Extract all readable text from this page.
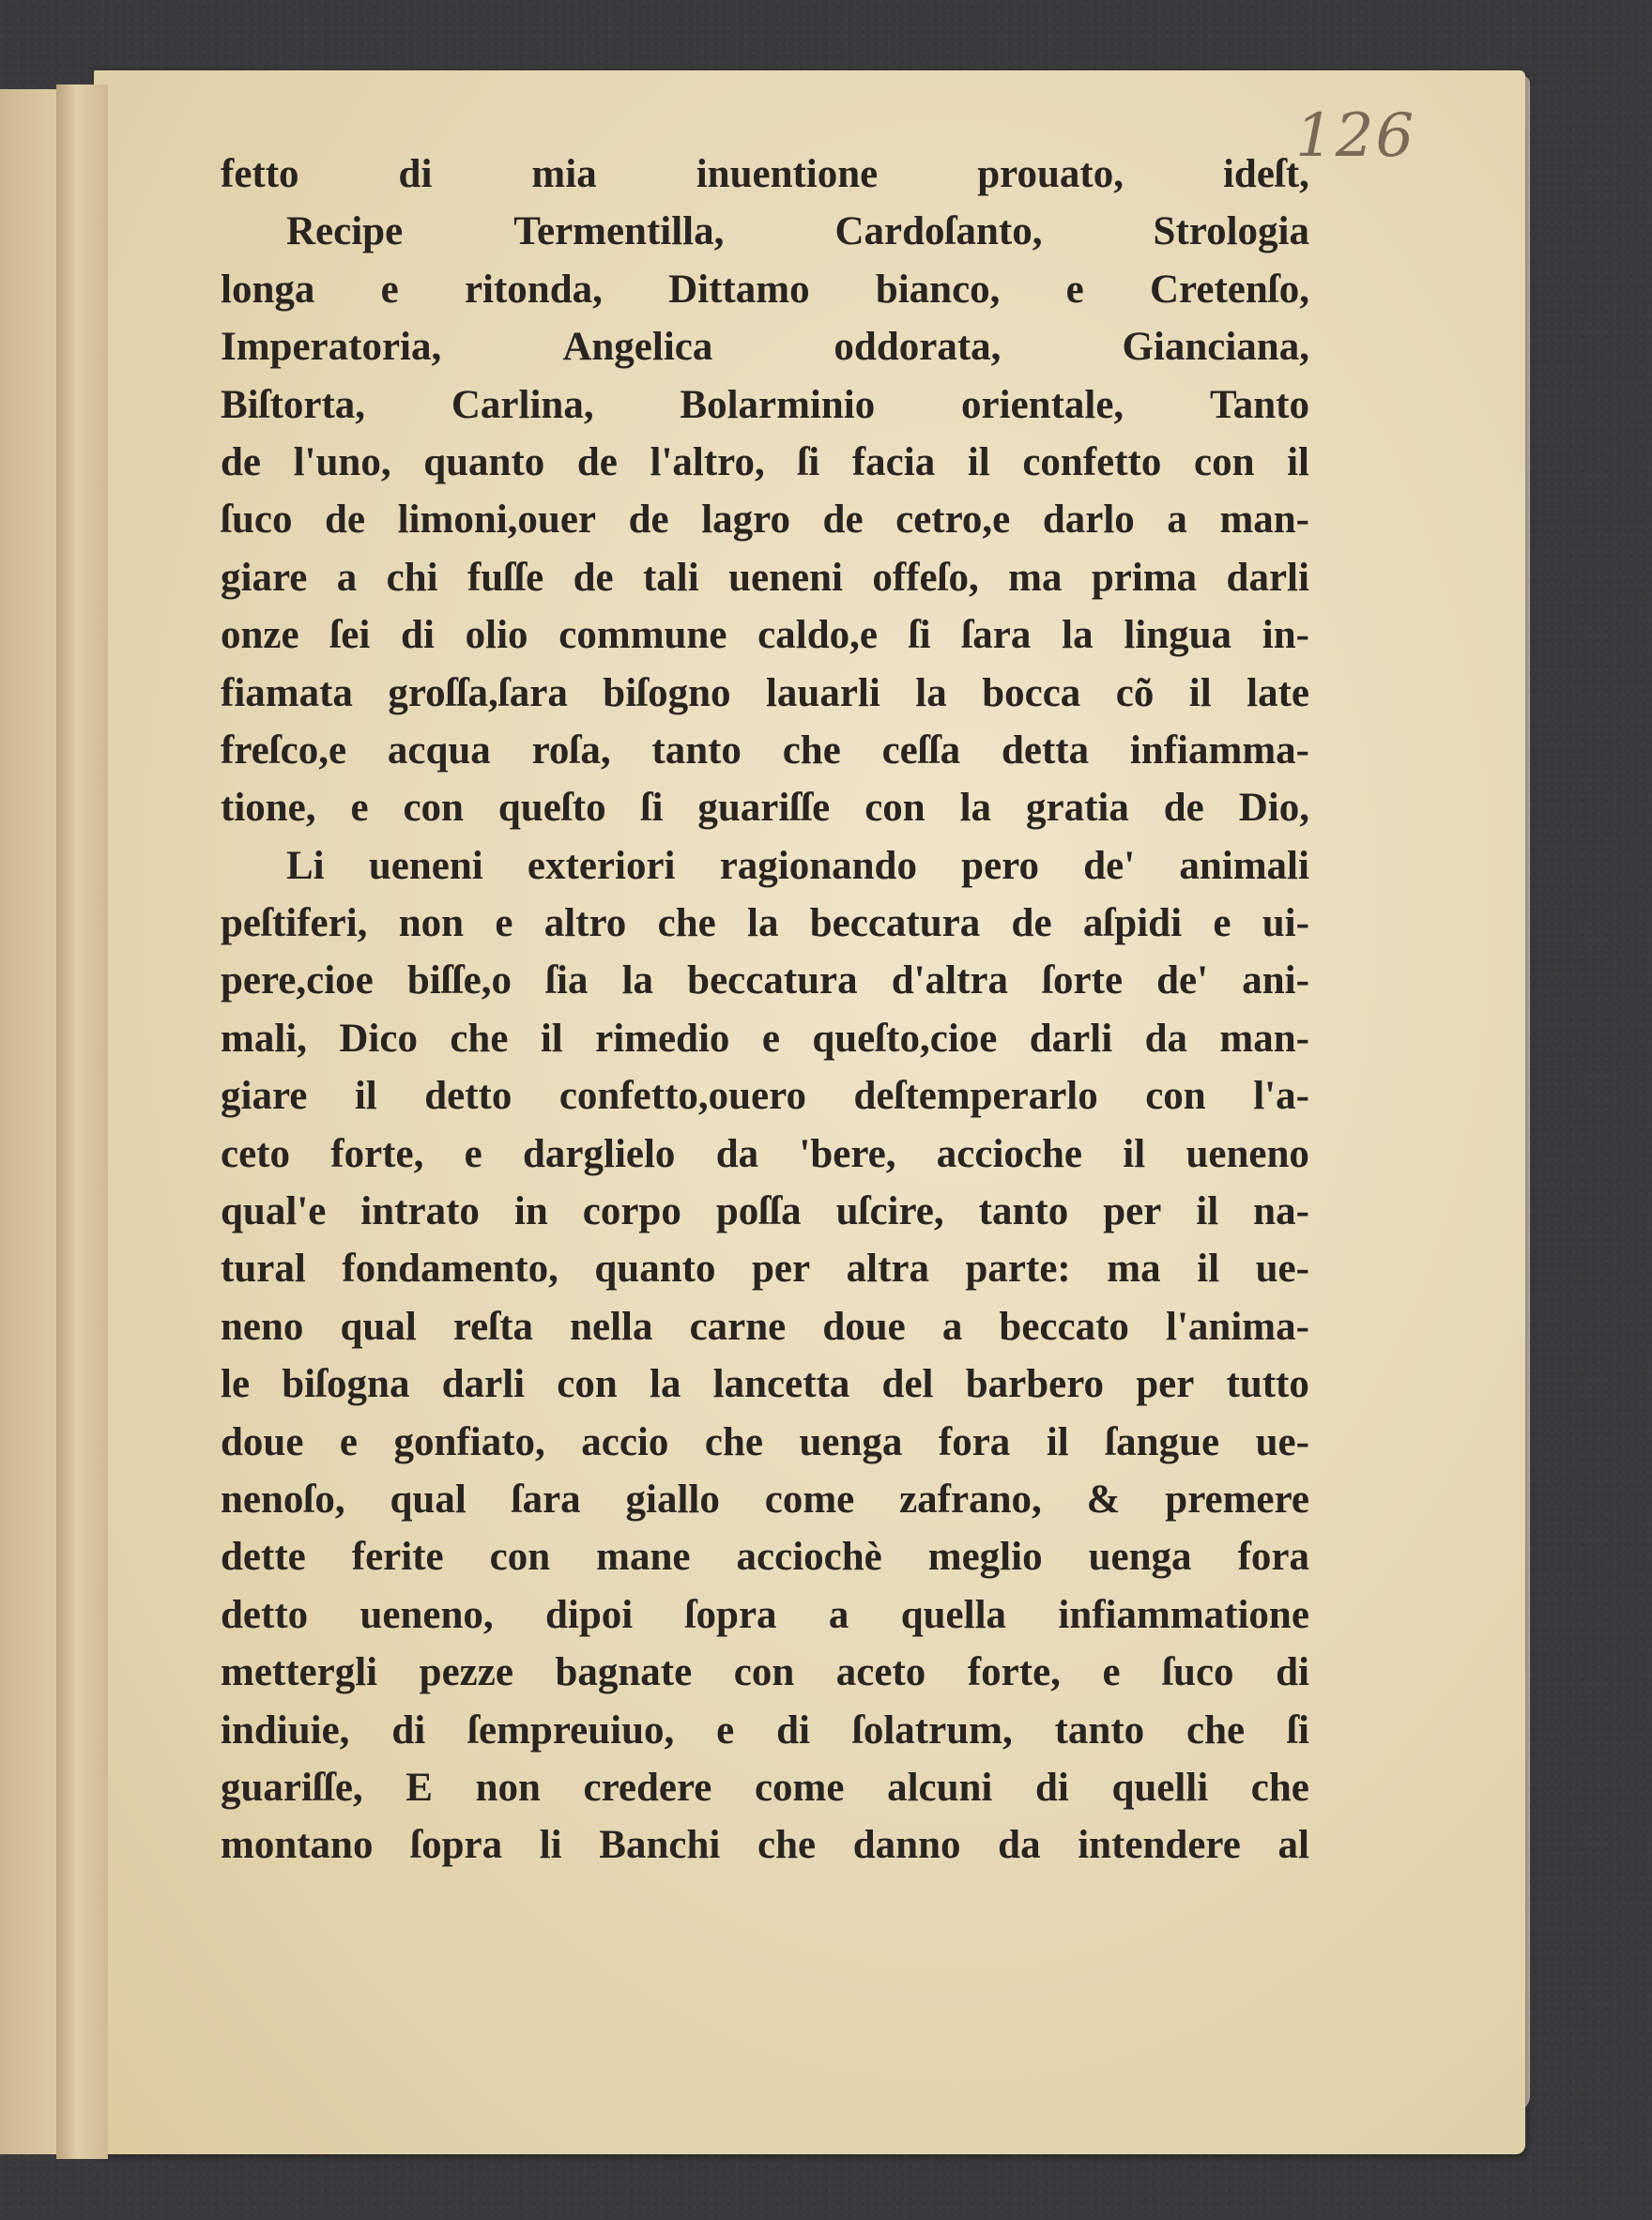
126

fetto di mia inuentione prouato, ideſt,

Recipe	Termentilla,	Cardoſanto,	Strologia

longa e ritonda, Dittamo bianco, e Cretenſo,

Imperatoria,	Angelica	oddorata,	Gianciana,

Biſtorta, Carlina, Bolarminio orientale, Tanto

de l'uno, quanto de l'altro, ſi facia il confetto con il

ſuco de limoni,ouer de lagro de cetro,e darlo a man-

giare a chi fuſſe de tali ueneni offeſo, ma prima darli

onze ſei di olio commune caldo,e ſi ſara la lingua in-

fiamata groſſa,ſara biſogno lauarli la bocca cõ il late

freſco,e acqua roſa, tanto che ceſſa detta infiamma-

tione, e con queſto ſi guariſſe con la gratia de Dio,

Li ueneni exteriori ragionando pero de' animali

peſtiferi, non e altro che la beccatura de aſpidi e ui-

pere,cioe biſſe,o ſia la beccatura d'altra ſorte de' ani-

mali, Dico che il rimedio e queſto,cioe darli da man-

giare il detto confetto,ouero deſtemperarlo con l'a-

ceto forte, e darglielo da 'bere, accioche il ueneno

qual'e intrato in corpo poſſa uſcire, tanto per il na-

tural fondamento, quanto per altra parte: ma il ue-

neno qual reſta nella carne doue a beccato l'anima-

le biſogna darli con la lancetta del barbero per tutto

doue e gonfiato, accio che uenga fora il ſangue ue-

nenoſo, qual ſara giallo come zafrano, & premere

dette ferite con mane acciochè meglio uenga fora

detto ueneno, dipoi ſopra a quella infiammatione

mettergli pezze bagnate con aceto forte, e ſuco di

indiuie, di ſempreuiuo, e di ſolatrum, tanto che ſi

guariſſe, E non credere come alcuni di quelli che

montano ſopra li Banchi che danno da intendere al
